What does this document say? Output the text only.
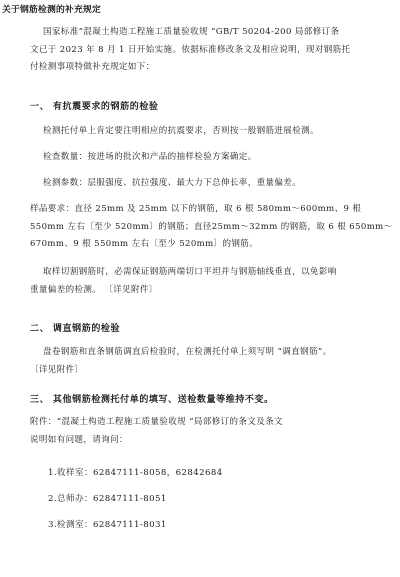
关于钢筋检测的补充规定
国家标准“混凝土构造工程施工质量验收规 “GB/T 50204-200 局部修订条
文已于 2023 年 8 月 1 日开始实施。依据标准修改条文及相应说明，现对钢筋托
付检测事项特做补充规定如下：
一、 有抗震要求的钢筋的检验
检测托付单上肯定要注明相应的抗震要求，否则按一般钢筋进展检测。
检查数量：按进场的批次和产品的抽样检验方案确定。
检测参数：层服强度、抗拉强度、最大力下总伸长率，重量偏差。
样品要求：直径 25mm 及 25mm 以下的钢筋，取 6 根 580mm～600mm、9 根
550mm 左右〔至少 520mm〕的钢筋；直径25mm～32mm 的钢筋，取 6 根 650mm～
670mm、9 根 550mm 左右〔至少 520mm〕的钢筋。
取样切割钢筋时，必需保证钢筋两端切口平坦并与钢筋轴线垂直，以免影响
重量偏差的检测。 〔详见附件〕
二、 调直钢筋的检验
盘卷钢筋和直条钢筋调直后检验时，在检测托付单上须写明 “调直钢筋”。
〔详见附件〕
三、 其他钢筋检测托付单的填写、送检数量等维持不变。
附件：“混凝土构造工程施工质量验收规 “局部修订的条文及条文
说明如有问题，请询问：
1.收样室：62847111-8058，62842684
2.总师办：62847111-8051
3.检测室：62847111-8031
